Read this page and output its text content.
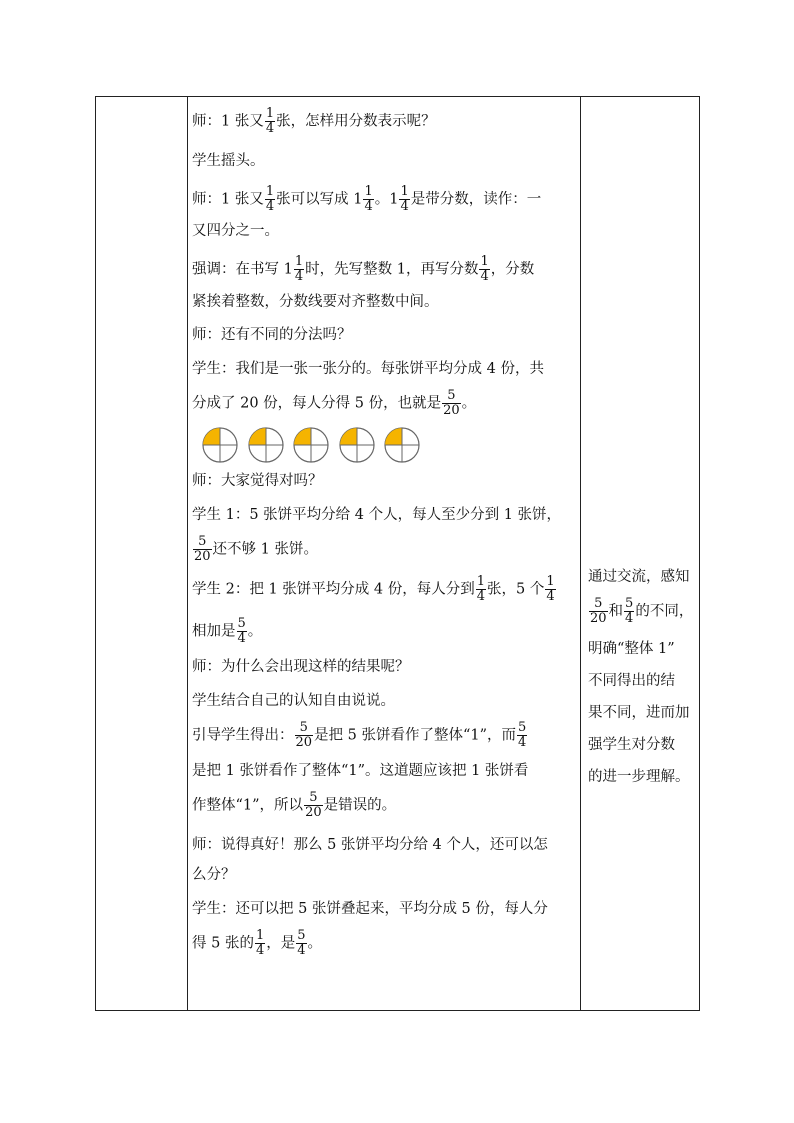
师：1 张又 $\frac{1}{4}$ 张，怎样用分数表示呢？
学生摇头。
师：1 张又 $\frac{1}{4}$ 张可以写成 $1 \frac{1}{4}$ 。$1 \frac{1}{4}$ 是带分数，读作：一
又四分之一。
强调：在书写 $1 \frac{1}{4}$ 时，先写整数 1，再写分数 $\frac{1}{4}$ ，分数
紧挨着整数，分数线要对齐整数中间。
师：还有不同的分法吗？
学生：我们是一张一张分的。每张饼平均分成 4 份，共
分成了 20 份，每人分得 5 份，也就是 $\frac{5}{20}$ 。

师：大家觉得对吗？
学生 1：5 张饼平均分给 4 个人，每人至少分到 1 张饼，
$\frac{5}{20}$ 还不够 1 张饼。
学生 2：把 1 张饼平均分成 4 份，每人分到 $\frac{1}{4}$ 张，5 个 $\frac{1}{4}$
相加是 $\frac{5}{4}$ 。
师：为什么会出现这样的结果呢？
学生结合自己的认知自由说说。
引导学生得出： $\frac{5}{20}$ 是把 5 张饼看作了整体“1”，而 $\frac{5}{4}$
是把 1 张饼看作了整体“1”。这道题应该把 1 张饼看
作整体“1”，所以 $\frac{5}{20}$ 是错误的。
师：说得真好！那么 5 张饼平均分给 4 个人，还可以怎
么分？
学生：还可以把 5 张饼叠起来，平均分成 5 份，每人分
得 5 张的 $\frac{1}{4}$ ，是 $\frac{5}{4}$ 。
通过交流，感知
$\frac{5}{20}$ 和 $\frac{5}{4}$ 的不同，
明确“整体 1”
不同得出的结
果不同，进而加
强学生对分数
的进一步理解。
